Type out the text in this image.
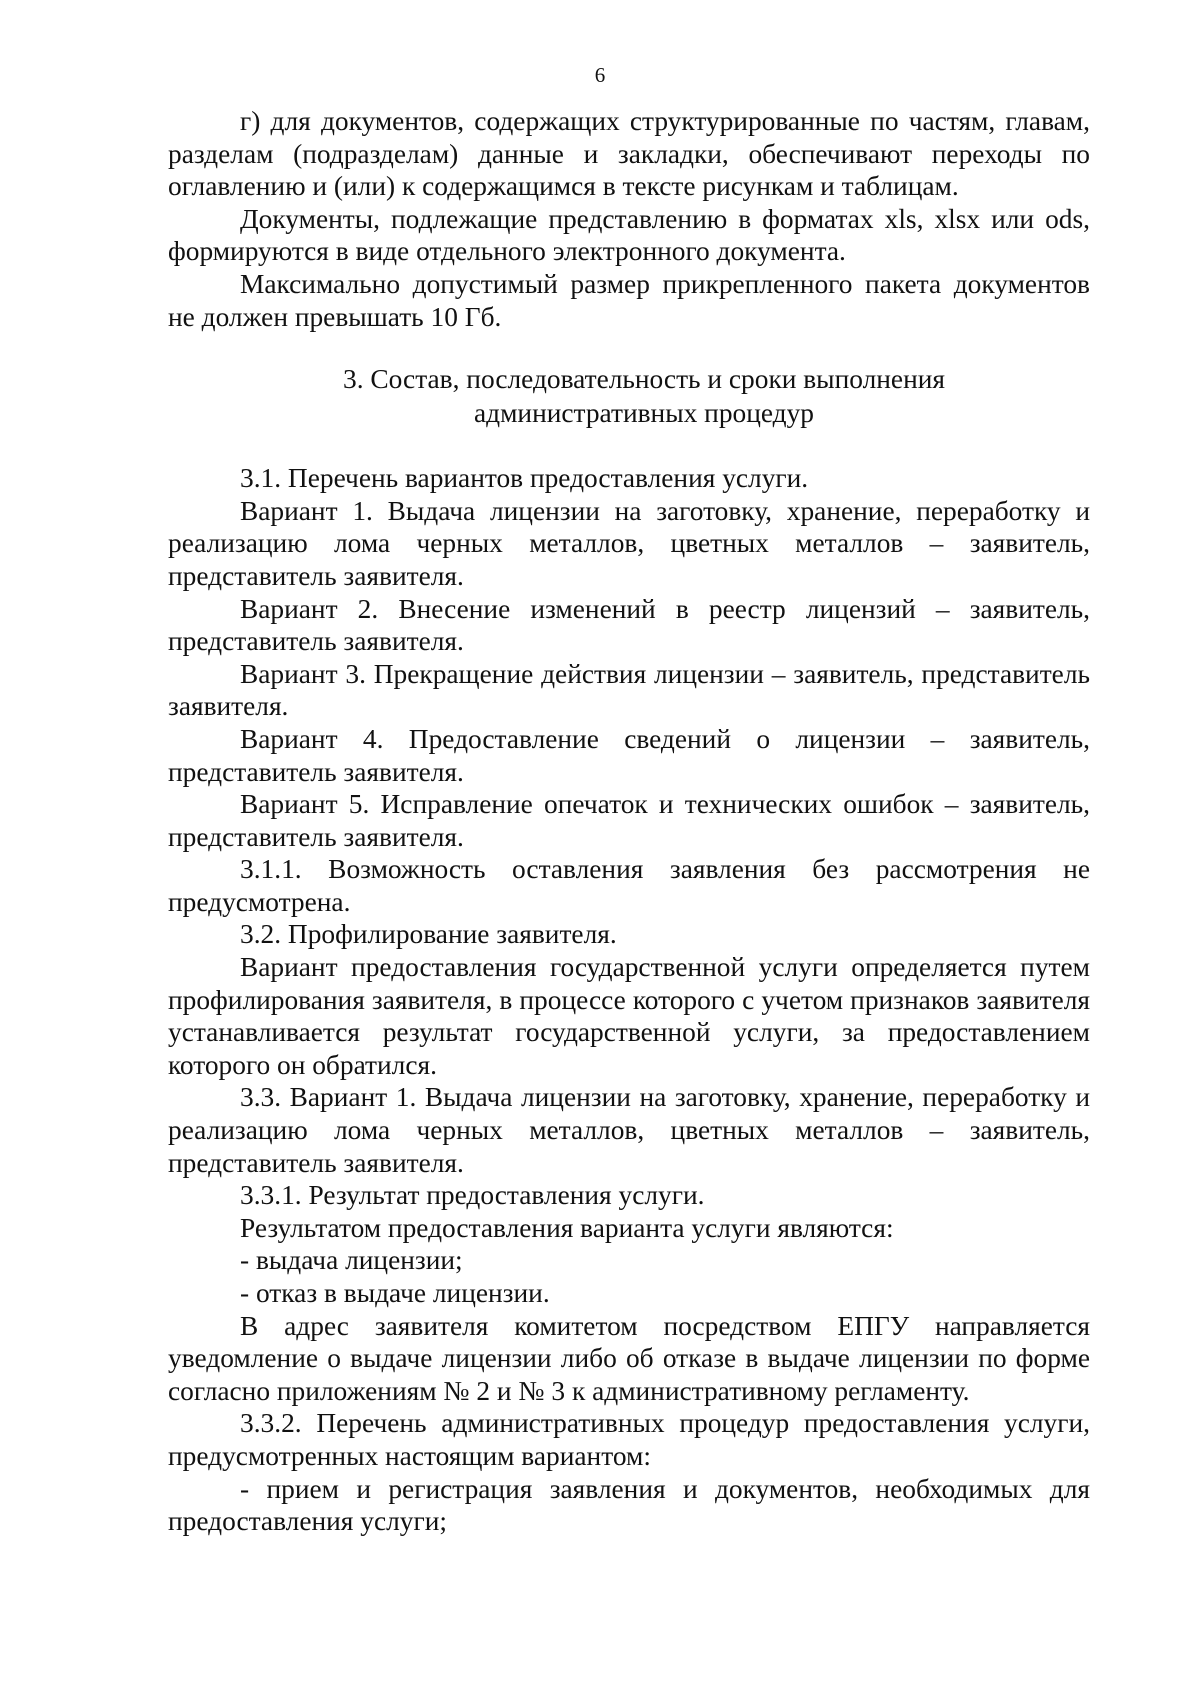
6

г) для документов, содержащих структурированные по частям, главам, разделам (подразделам) данные и закладки, обеспечивают переходы по оглавлению и (или) к содержащимся в тексте рисункам и таблицам.

Документы, подлежащие представлению в форматах xls, xlsx или ods, формируются в виде отдельного электронного документа.

Максимально допустимый размер прикрепленного пакета документов не должен превышать 10 Гб.

3. Состав, последовательность и сроки выполнения
административных процедур

3.1. Перечень вариантов предоставления услуги.

Вариант 1. Выдача лицензии на заготовку, хранение, переработку и реализацию лома черных металлов, цветных металлов – заявитель, представитель заявителя.

Вариант 2. Внесение изменений в реестр лицензий – заявитель, представитель заявителя.

Вариант 3. Прекращение действия лицензии – заявитель, представитель заявителя.

Вариант 4. Предоставление сведений о лицензии – заявитель, представитель заявителя.

Вариант 5. Исправление опечаток и технических ошибок – заявитель, представитель заявителя.

3.1.1. Возможность оставления заявления без рассмотрения не предусмотрена.

3.2. Профилирование заявителя.

Вариант предоставления государственной услуги определяется путем профилирования заявителя, в процессе которого с учетом признаков заявителя устанавливается результат государственной услуги, за предоставлением которого он обратился.

3.3. Вариант 1. Выдача лицензии на заготовку, хранение, переработку и реализацию лома черных металлов, цветных металлов – заявитель, представитель заявителя.

3.3.1. Результат предоставления услуги.

Результатом предоставления варианта услуги являются:

- выдача лицензии;

- отказ в выдаче лицензии.

В адрес заявителя комитетом посредством ЕПГУ направляется уведомление о выдаче лицензии либо об отказе в выдаче лицензии по форме согласно приложениям № 2 и № 3 к административному регламенту.

3.3.2. Перечень административных процедур предоставления услуги, предусмотренных настоящим вариантом:

- прием и регистрация заявления и документов, необходимых для предоставления услуги;
